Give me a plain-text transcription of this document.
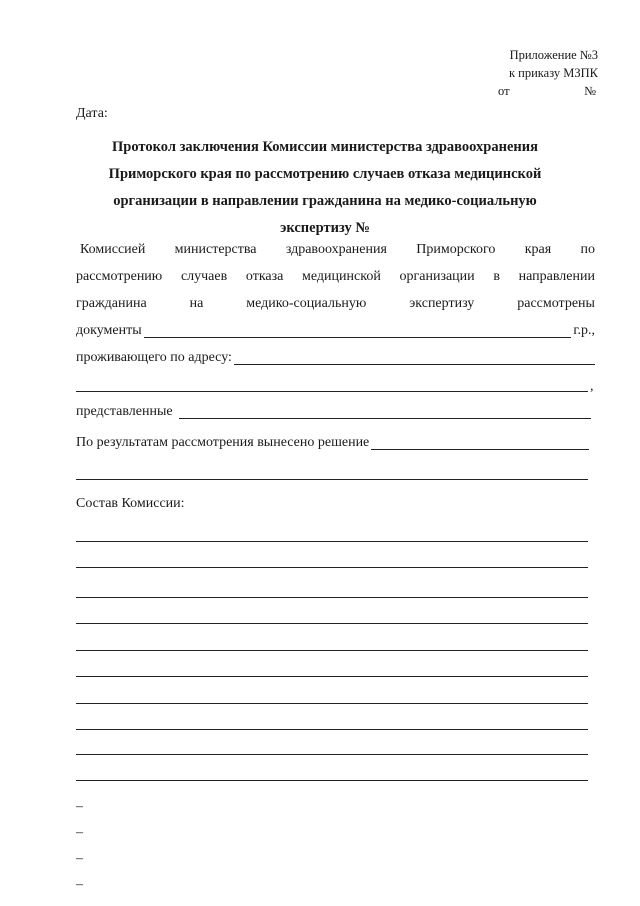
Приложение №3
к приказу МЗПК
от	№
Дата:
Протокол заключения Комиссии министерства здравоохранения
Приморского края по рассмотрению случаев отказа медицинской
организации в направлении гражданина на медико-социальную
экспертизу №
Комиссией министерства здравоохранения Приморского края по
рассмотрению случаев отказа медицинской организации в направлении
гражданина	на	медико-социальную	экспертизу	рассмотрены
документы	г.р.,
проживающего по адресу:
,
представленные
По результатам рассмотрения вынесено решение
Состав Комиссии:
–
–
–
–
